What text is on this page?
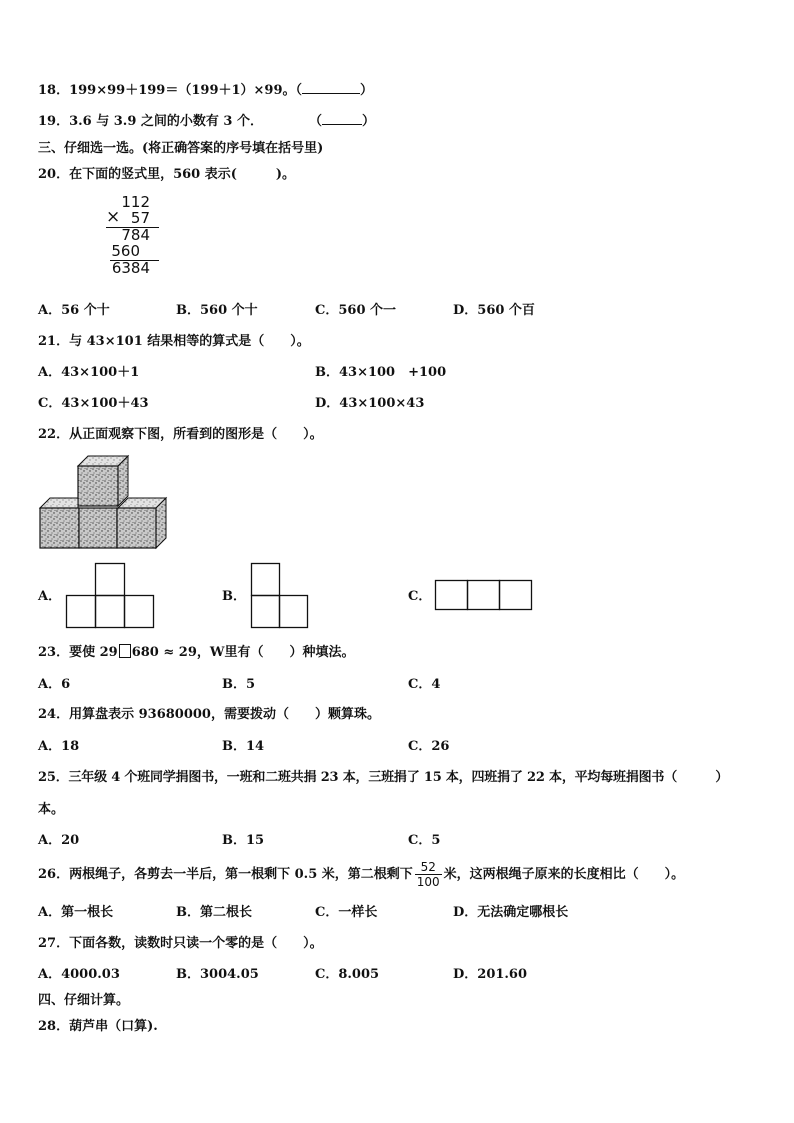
18．199×99＋199＝（199＋1）×99。（	）
19．3.6 与 3.9 之间的小数有 3 个．	（	）
三、仔细选一选。(将正确答案的序号填在括号里)
20．在下面的竖式里，560 表示(　　　)。
112
× 57
784
560
6384
A．56 个十	B．560 个十	C．560 个一	D．560 个百
21．与 43×101 结果相等的算式是（　　）。
A．43×100＋1	B．43×100　+100
C．43×100＋43	D．43×100×43
22．从正面观察下图，所看到的图形是（　　）。
A．	B．	C．
23．要使 29 680 ≈ 29，W里有（　　）种填法。
A．6	B．5	C．4
24．用算盘表示 93680000，需要拨动（　　）颗算珠。
A．18	B．14	C．26
25．三年级 4 个班同学捐图书，一班和二班共捐 23 本，三班捐了 15 本，四班捐了 22 本，平均每班捐图书（　　　）
本。
A．20	B．15	C．5
26．两根绳子，各剪去一半后，第一根剩下 0.5 米，第二根剩下 $\frac{52}{100}$ 米，这两根绳子原来的长度相比（　　）。
A．第一根长	B．第二根长	C．一样长	D．无法确定哪根长
27．下面各数，读数时只读一个零的是（　　）。
A．4000.03	B．3004.05	C．8.005	D．201.60
四、仔细计算。
28．葫芦串（口算).
